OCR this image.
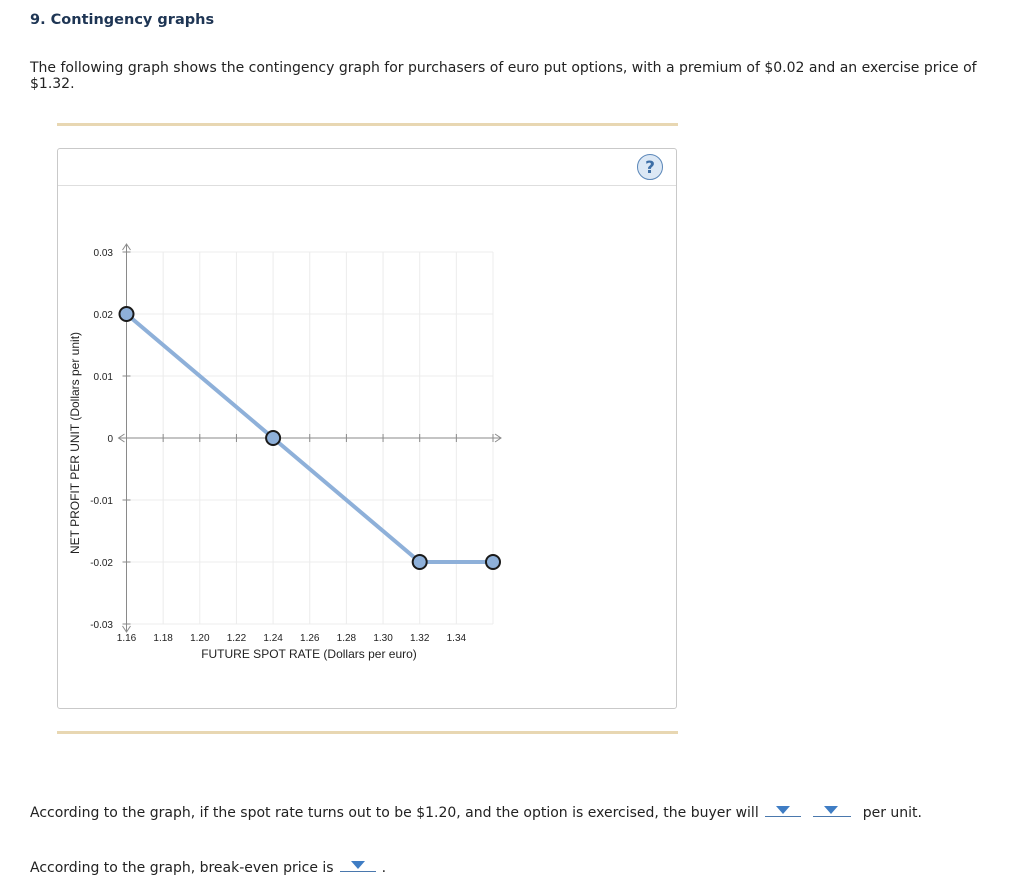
9. Contingency graphs
The following graph shows the contingency graph for purchasers of euro put options, with a premium of $0.02 and an exercise price of $1.32.
?
0.03
0.02
0.01
0
-0.01
-0.02
-0.03
1.16 1.18 1.20 1.22 1.24 1.26 1.28 1.30 1.32 1.34
FUTURE SPOT RATE (Dollars per euro)
NET PROFIT PER UNIT (Dollars per unit)
According to the graph, if the spot rate turns out to be $1.20, and the option is exercised, the buyer will	per unit.
According to the graph, break-even price is	.
